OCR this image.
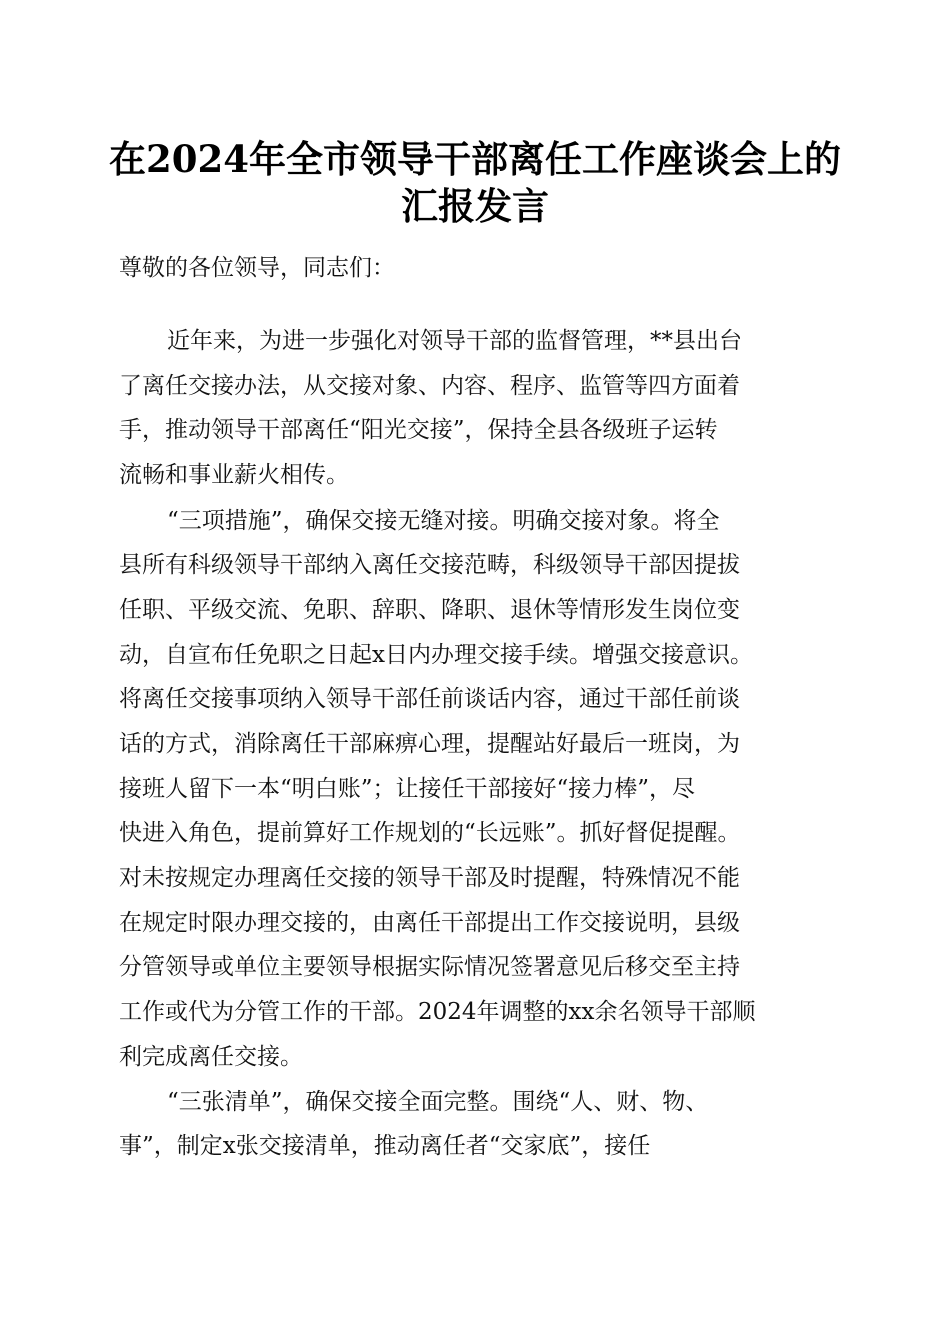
在2024年全市领导干部离任工作座谈会上的
汇报发言
尊敬的各位领导，同志们：
近年来，为进一步强化对领导干部的监督管理，**县出台
了离任交接办法，从交接对象、内容、程序、监管等四方面着
手，推动领导干部离任“阳光交接”，保持全县各级班子运转
流畅和事业薪火相传。
“三项措施”，确保交接无缝对接。明确交接对象。将全
县所有科级领导干部纳入离任交接范畴，科级领导干部因提拔
任职、平级交流、免职、辞职、降职、退休等情形发生岗位变
动，自宣布任免职之日起x日内办理交接手续。增强交接意识。
将离任交接事项纳入领导干部任前谈话内容，通过干部任前谈
话的方式，消除离任干部麻痹心理，提醒站好最后一班岗，为
接班人留下一本“明白账”；让接任干部接好“接力棒”，尽
快进入角色，提前算好工作规划的“长远账”。抓好督促提醒。
对未按规定办理离任交接的领导干部及时提醒，特殊情况不能
在规定时限办理交接的，由离任干部提出工作交接说明，县级
分管领导或单位主要领导根据实际情况签署意见后移交至主持
工作或代为分管工作的干部。2024年调整的xx余名领导干部顺
利完成离任交接。
“三张清单”，确保交接全面完整。围绕“人、财、物、
事”，制定x张交接清单，推动离任者“交家底”，接任
